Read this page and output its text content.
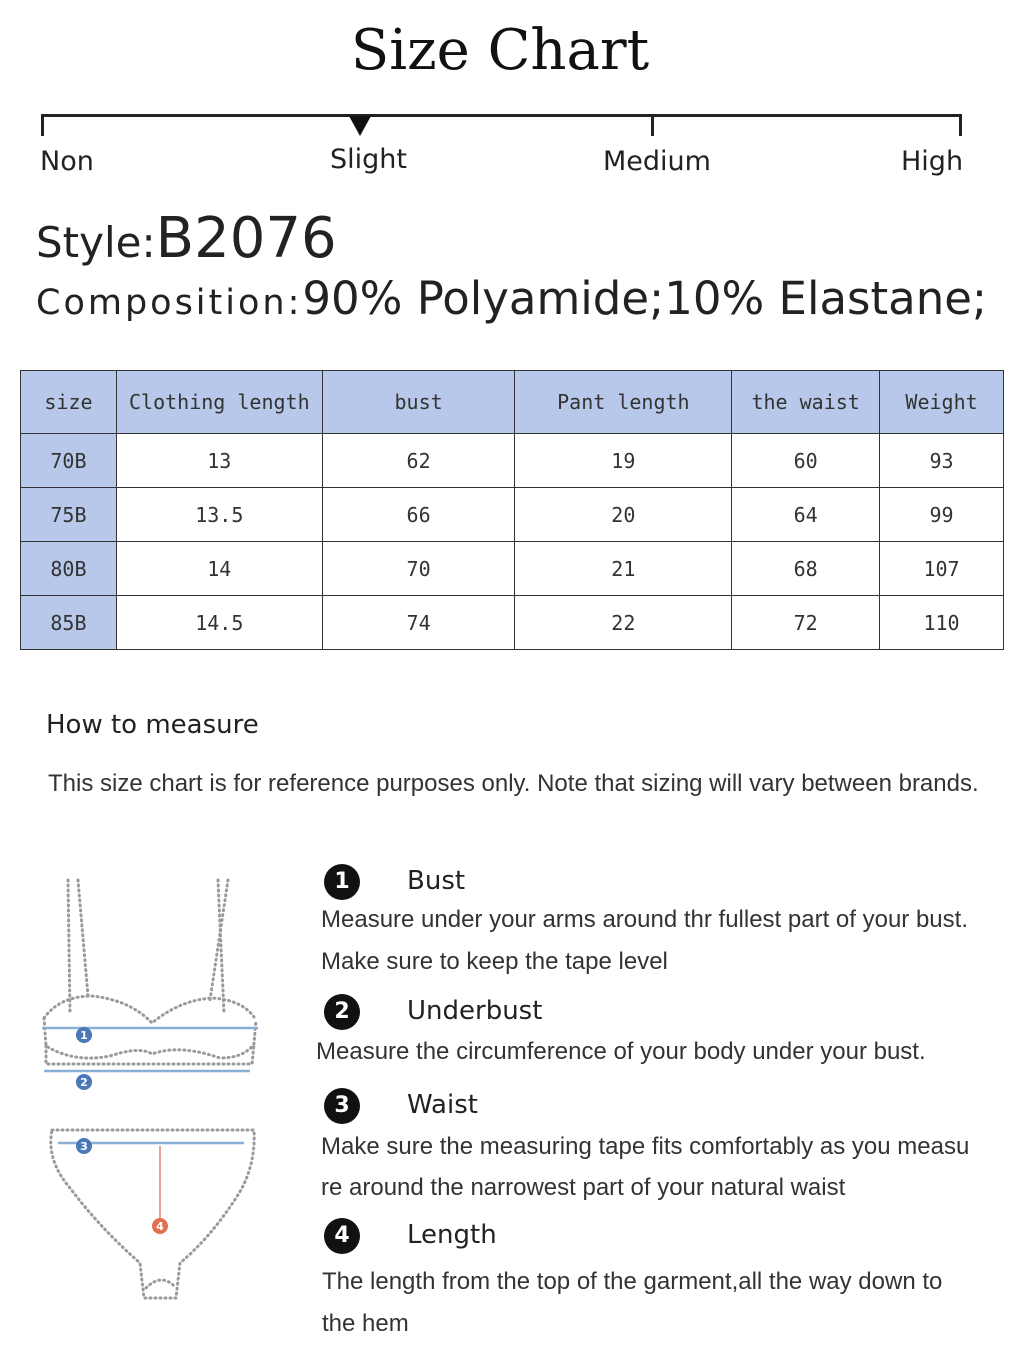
Size Chart
Non	Slight	Medium	High
Style:B2076
Composition:90% Polyamide;10% Elastane;
size	Clothing length	bust	Pant length	the waist	Weight
70B	13	62	19	60	93
75B	13.5	66	20	64	99
80B	14	70	21	68	107
85B	14.5	74	22	72	110
How to measure
This size chart is for reference purposes only. Note that sizing will vary between brands.
1
2
3
4
1	Bust
Measure under your arms around thr fullest part of your bust.
Make sure to keep the tape level
2	Underbust
Measure the circumference of your body under your bust.
3	Waist
Make sure the measuring tape fits comfortably as you measu
re around the narrowest part of your natural waist
4	Length
The length from the top of the garment,all the way down to
the hem
